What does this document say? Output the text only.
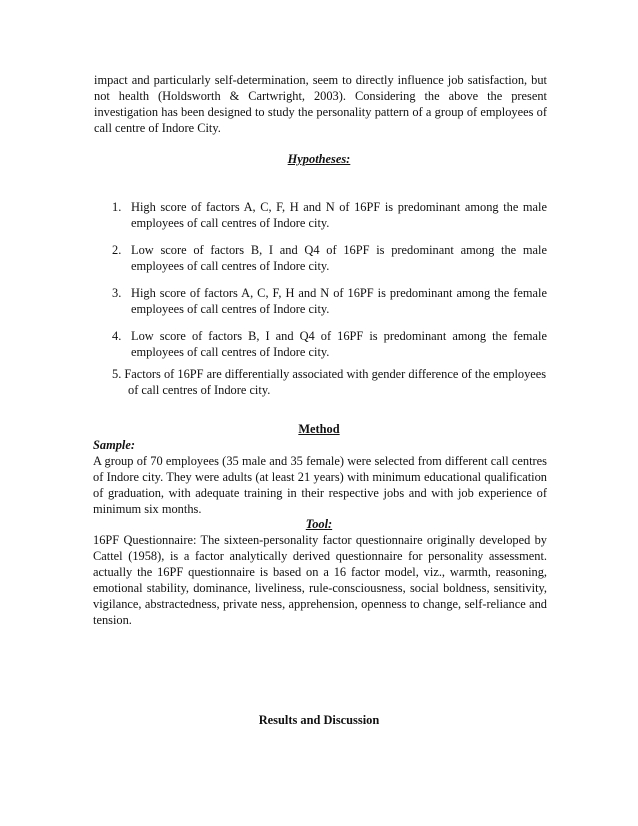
impact and particularly self-determination, seem to directly influence job satisfaction, but not health (Holdsworth & Cartwright, 2003). Considering the above the present investigation has been designed to study the personality pattern of a group of employees of call centre of Indore City.

Hypotheses:

1. High score of factors A, C, F, H and N of 16PF is predominant among the male employees of call centres of Indore city.
2. Low score of factors B, I and Q4 of 16PF is predominant among the male employees of call centres of Indore city.
3. High score of factors A, C, F, H and N of 16PF is predominant among the female employees of call centres of Indore city.
4. Low score of factors B, I and Q4 of 16PF is predominant among the female employees of call centres of Indore city.

5. Factors of 16PF are differentially associated with gender difference of the employees
of call centres of Indore city.

Method

Sample:

A group of 70 employees (35 male and 35 female) were selected from different call centres of Indore city. They were adults (at least 21 years) with minimum educational qualification of graduation, with adequate training in their respective jobs and with job experience of minimum six months.

Tool:

16PF Questionnaire: The sixteen-personality factor questionnaire originally developed by Cattel (1958), is a factor analytically derived questionnaire for personality assessment. actually the 16PF questionnaire is based on a 16 factor model, viz., warmth, reasoning, emotional stability, dominance, liveliness, rule-consciousness, social boldness, sensitivity, vigilance, abstractedness, private ness, apprehension, openness to change, self-reliance and tension.

Results and Discussion
